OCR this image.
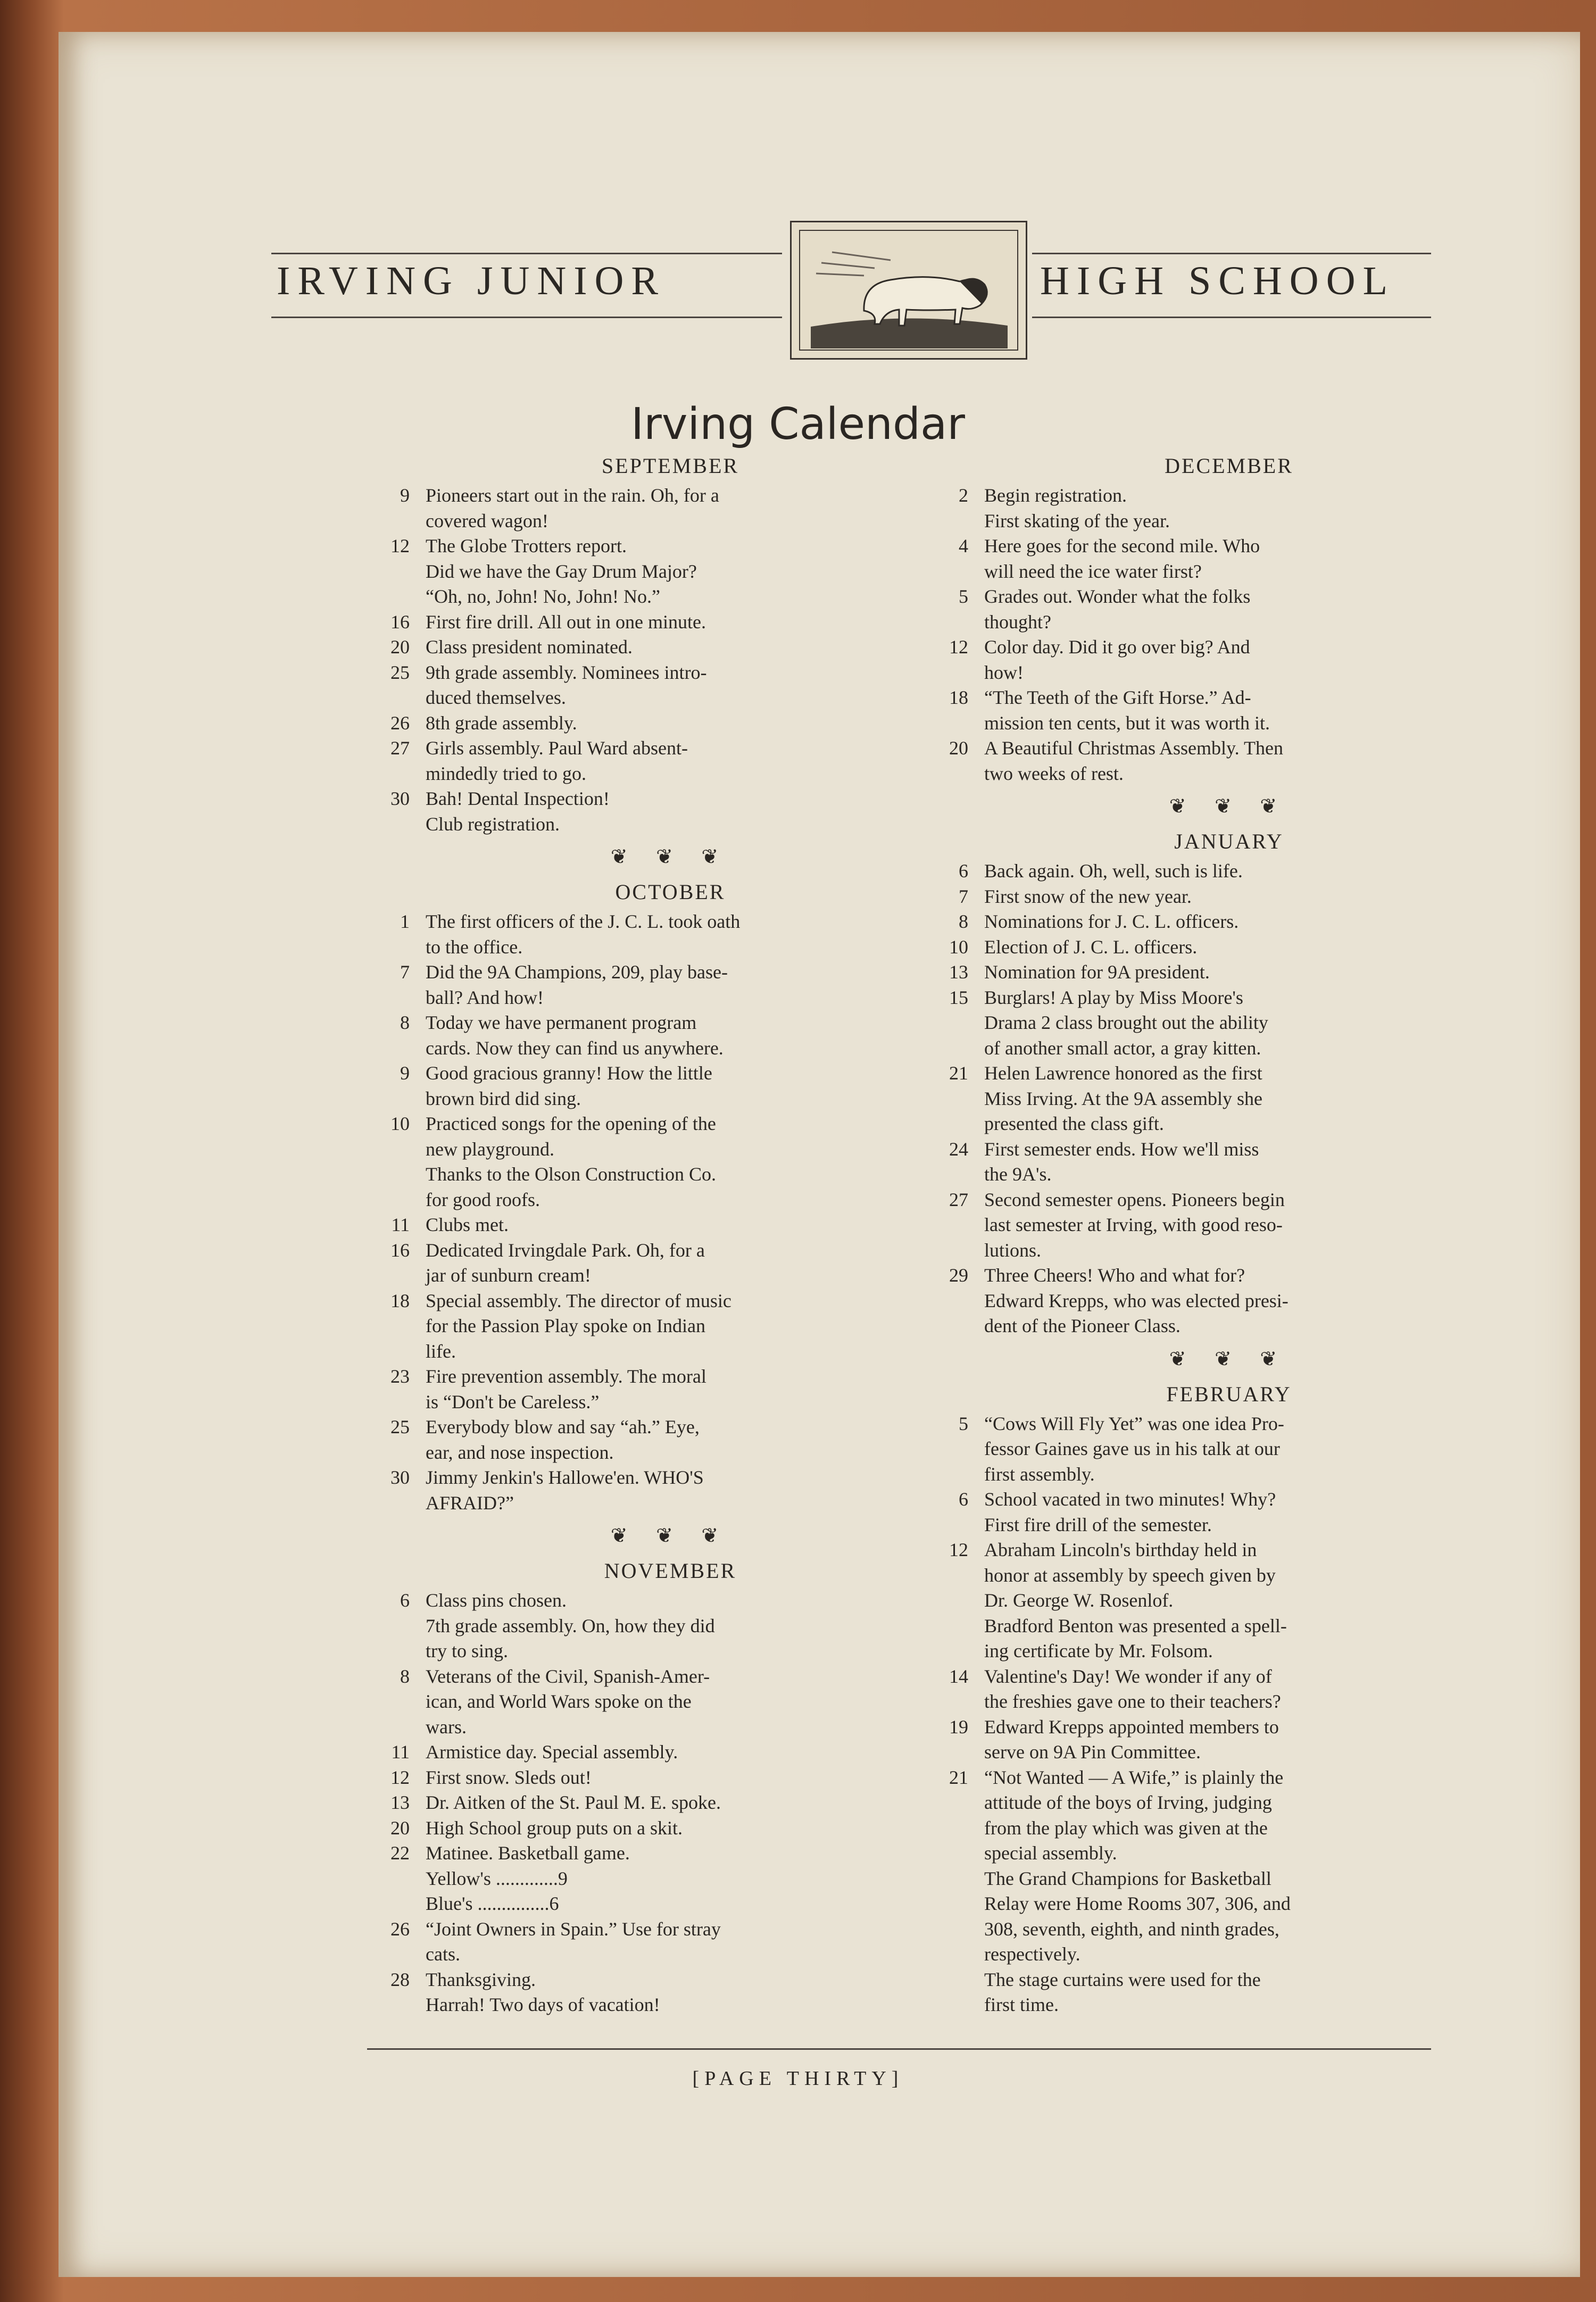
IRVING JUNIOR	HIGH SCHOOL
Irving Calendar
SEPTEMBER
9 Pioneers start out in the rain. Oh, for a
covered wagon!
12 The Globe Trotters report.
Did we have the Gay Drum Major?
“Oh, no, John! No, John! No.”
16 First fire drill. All out in one minute.
20 Class president nominated.
25 9th grade assembly. Nominees intro-
duced themselves.
26 8th grade assembly.
27 Girls assembly. Paul Ward absent-
mindedly tried to go.
30 Bah! Dental Inspection!
Club registration.
❦ ❦ ❦
OCTOBER
1 The first officers of the J. C. L. took oath
to the office.
7 Did the 9A Champions, 209, play base-
ball? And how!
8 Today we have permanent program
cards. Now they can find us anywhere.
9 Good gracious granny! How the little
brown bird did sing.
10 Practiced songs for the opening of the
new playground.
Thanks to the Olson Construction Co.
for good roofs.
11 Clubs met.
16 Dedicated Irvingdale Park. Oh, for a
jar of sunburn cream!
18 Special assembly. The director of music
for the Passion Play spoke on Indian
life.
23 Fire prevention assembly. The moral
is “Don't be Careless.”
25 Everybody blow and say “ah.” Eye,
ear, and nose inspection.
30 Jimmy Jenkin's Hallowe'en. WHO'S
AFRAID?”
❦ ❦ ❦
NOVEMBER
6 Class pins chosen.
7th grade assembly. On, how they did
try to sing.
8 Veterans of the Civil, Spanish-Amer-
ican, and World Wars spoke on the
wars.
11 Armistice day. Special assembly.
12 First snow. Sleds out!
13 Dr. Aitken of the St. Paul M. E. spoke.
20 High School group puts on a skit.
22 Matinee. Basketball game.
Yellow's .............9
Blue's ...............6
26 “Joint Owners in Spain.” Use for stray
cats.
28 Thanksgiving.
Harrah! Two days of vacation!
DECEMBER
2 Begin registration.
First skating of the year.
4 Here goes for the second mile. Who
will need the ice water first?
5 Grades out. Wonder what the folks
thought?
12 Color day. Did it go over big? And
how!
18 “The Teeth of the Gift Horse.” Ad-
mission ten cents, but it was worth it.
20 A Beautiful Christmas Assembly. Then
two weeks of rest.
❦ ❦ ❦
JANUARY
6 Back again. Oh, well, such is life.
7 First snow of the new year.
8 Nominations for J. C. L. officers.
10 Election of J. C. L. officers.
13 Nomination for 9A president.
15 Burglars! A play by Miss Moore's
Drama 2 class brought out the ability
of another small actor, a gray kitten.
21 Helen Lawrence honored as the first
Miss Irving. At the 9A assembly she
presented the class gift.
24 First semester ends. How we'll miss
the 9A's.
27 Second semester opens. Pioneers begin
last semester at Irving, with good reso-
lutions.
29 Three Cheers! Who and what for?
Edward Krepps, who was elected presi-
dent of the Pioneer Class.
❦ ❦ ❦
FEBRUARY
5 “Cows Will Fly Yet” was one idea Pro-
fessor Gaines gave us in his talk at our
first assembly.
6 School vacated in two minutes! Why?
First fire drill of the semester.
12 Abraham Lincoln's birthday held in
honor at assembly by speech given by
Dr. George W. Rosenlof.
Bradford Benton was presented a spell-
ing certificate by Mr. Folsom.
14 Valentine's Day! We wonder if any of
the freshies gave one to their teachers?
19 Edward Krepps appointed members to
serve on 9A Pin Committee.
21 “Not Wanted — A Wife,” is plainly the
attitude of the boys of Irving, judging
from the play which was given at the
special assembly.
The Grand Champions for Basketball
Relay were Home Rooms 307, 306, and
308, seventh, eighth, and ninth grades,
respectively.
The stage curtains were used for the
first time.
[PAGE THIRTY]
